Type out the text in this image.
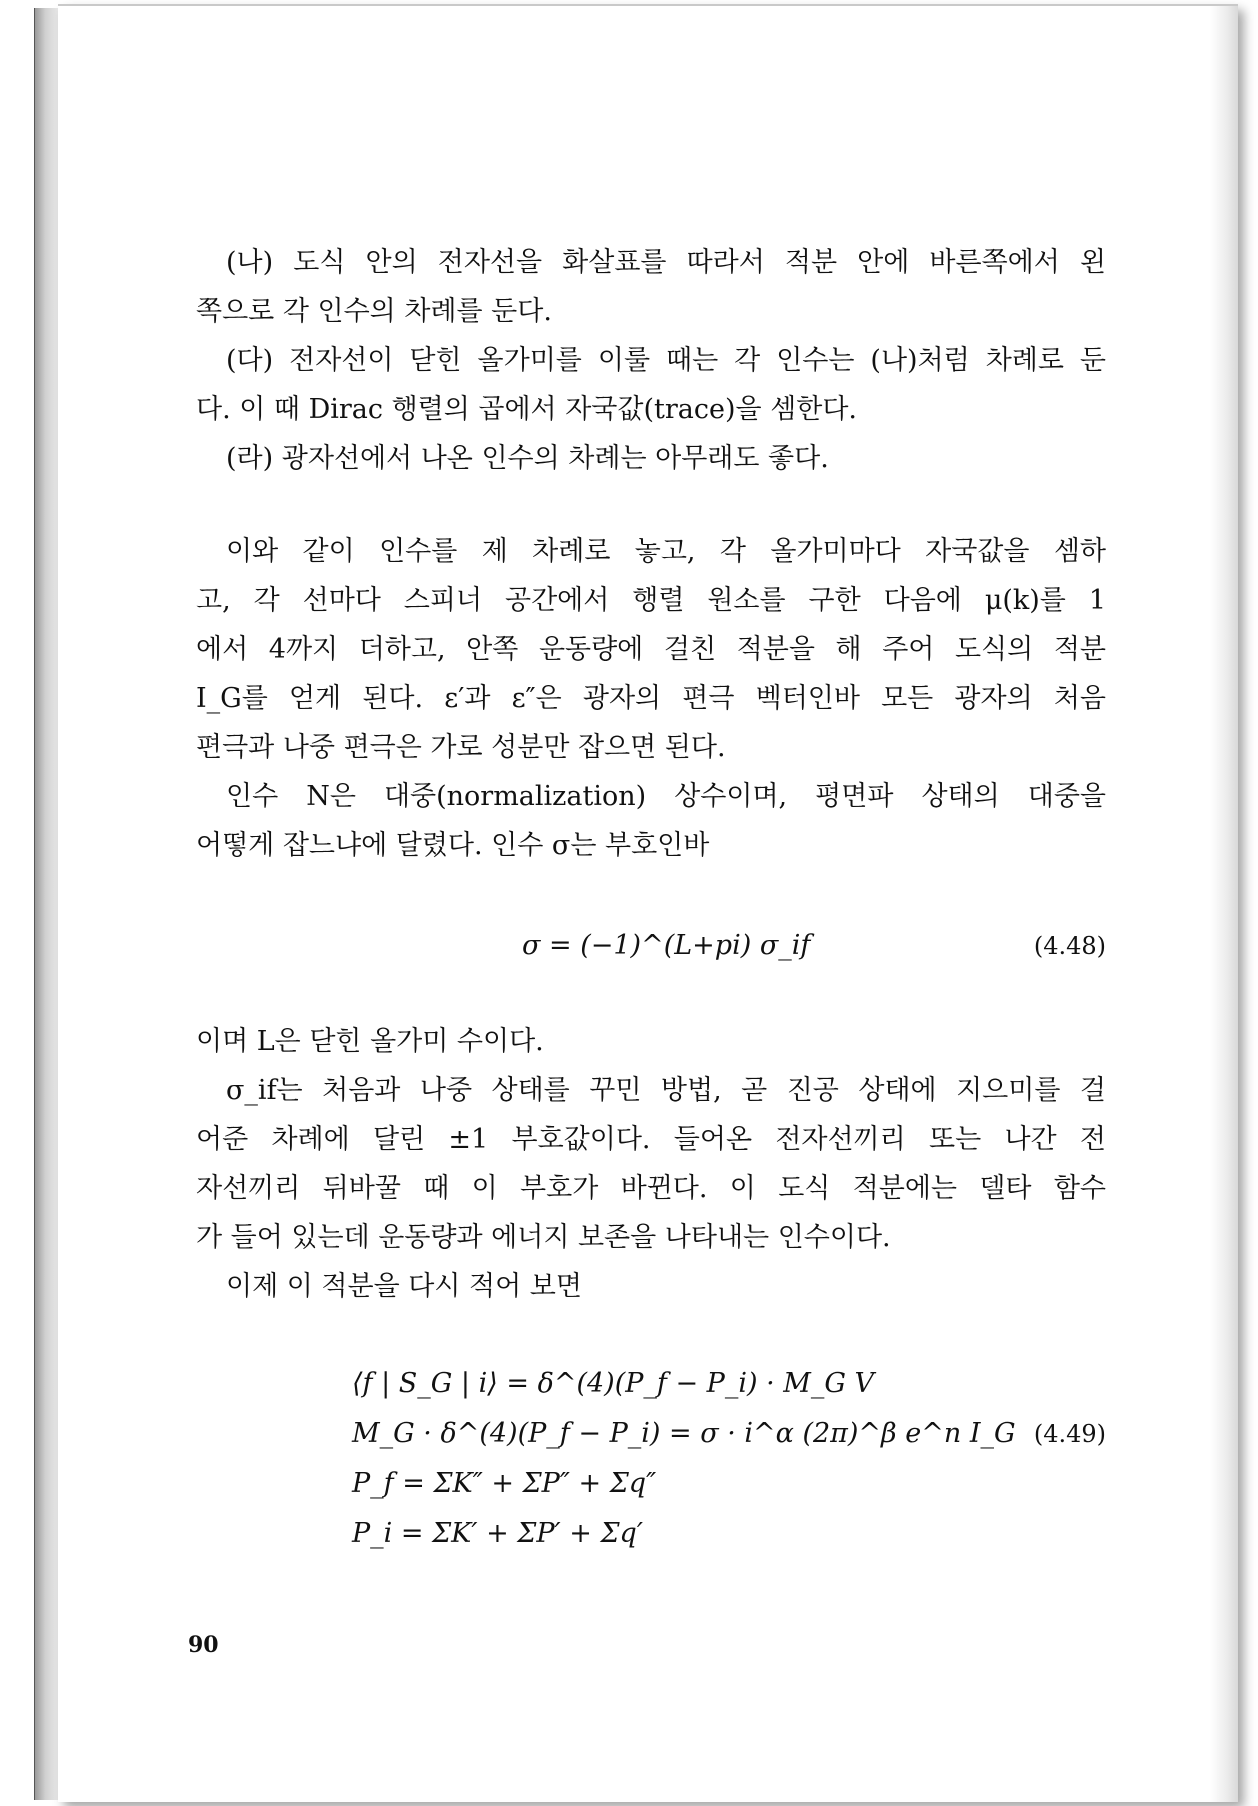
(나) 도식 안의 전자선을 화살표를 따라서 적분 안에 바른쪽에서 왼
쪽으로 각 인수의 차례를 둔다.
(다) 전자선이 닫힌 올가미를 이룰 때는 각 인수는 (나)처럼 차례로 둔
다. 이 때 Dirac 행렬의 곱에서 자국값(trace)을 셈한다.
(라) 광자선에서 나온 인수의 차례는 아무래도 좋다.
이와 같이 인수를 제 차례로 놓고, 각 올가미마다 자국값을 셈하
고, 각 선마다 스피너 공간에서 행렬 원소를 구한 다음에 μ(k)를 1
에서 4까지 더하고, 안쪽 운동량에 걸친 적분을 해 주어 도식의 적분
I_G를 얻게 된다. ε′과 ε″은 광자의 편극 벡터인바 모든 광자의 처음
편극과 나중 편극은 가로 성분만 잡으면 된다.
인수 N은 대중(normalization) 상수이며, 평면파 상태의 대중을
어떻게 잡느냐에 달렸다. 인수 σ는 부호인바
이며 L은 닫힌 올가미 수이다.
σ_if는 처음과 나중 상태를 꾸민 방법, 곧 진공 상태에 지으미를 걸
어준 차례에 달린 ±1 부호값이다. 들어온 전자선끼리 또는 나간 전
자선끼리 뒤바꿀 때 이 부호가 바뀐다. 이 도식 적분에는 델타 함수
가 들어 있는데 운동량과 에너지 보존을 나타내는 인수이다.
이제 이 적분을 다시 적어 보면
σ = (−1)^(L+pi) σ_if	(4.48)
⟨f | S_G | i⟩ = δ^(4)(P_f − P_i) · M_G V
M_G · δ^(4)(P_f − P_i) = σ · i^α (2π)^β e^n I_G
P_f = ΣK″ + ΣP″ + Σq″
P_i = ΣK′ + ΣP′ + Σq′
(4.49)
90
